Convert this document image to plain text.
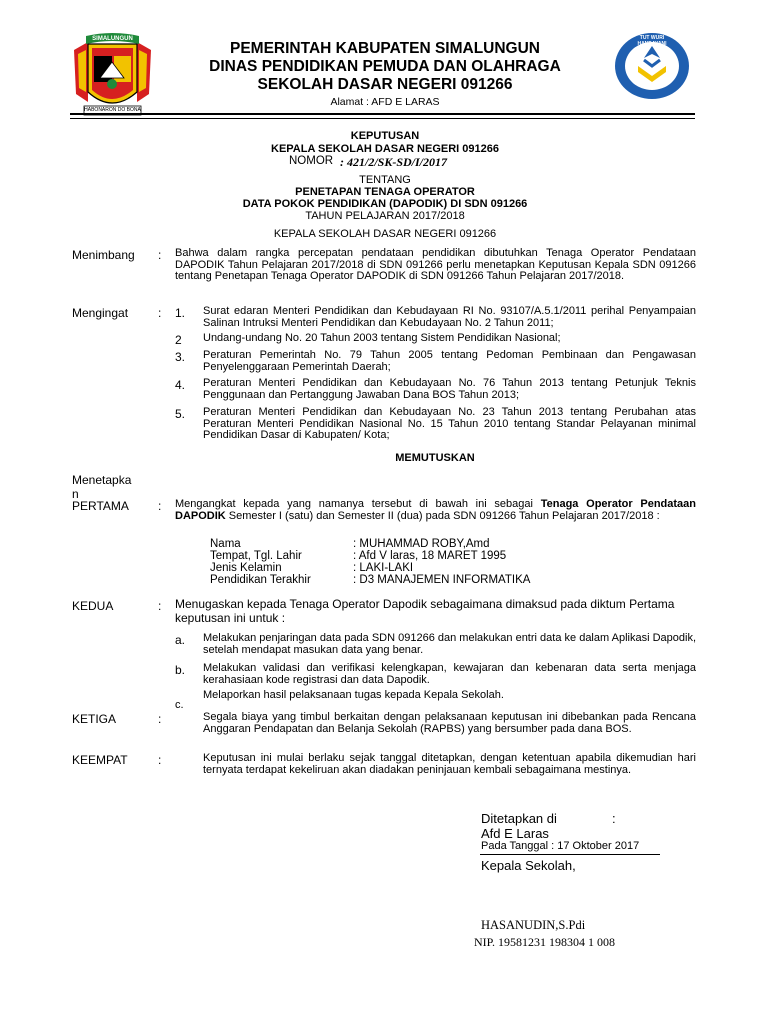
SIMALUNGUN
HABONARON DO BONA
TUT WURI HANDAYANI
PEMERINTAH KABUPATEN SIMALUNGUN
DINAS PENDIDIKAN PEMUDA DAN OLAHRAGA
SEKOLAH DASAR NEGERI 091266
Alamat : AFD E LARAS
KEPUTUSAN
KEPALA SEKOLAH DASAR NEGERI 091266
NOMOR : 421/2/SK-SD/I/2017
TENTANG
PENETAPAN TENAGA OPERATOR
DATA POKOK PENDIDIKAN (DAPODIK) DI SDN 091266
TAHUN PELAJARAN 2017/2018
KEPALA SEKOLAH DASAR NEGERI 091266
Menimbang : Bahwa dalam rangka percepatan pendataan pendidikan dibutuhkan Tenaga Operator Pendataan DAPODIK Tahun Pelajaran 2017/2018 di SDN 091266 perlu menetapkan Keputusan Kepala SDN 091266 tentang Penetapan Tenaga Operator DAPODIK di SDN 091266 Tahun Pelajaran 2017/2018.
Mengingat : 1. Surat edaran Menteri Pendidikan dan Kebudayaan RI No. 93107/A.5.1/2011 perihal Penyampaian Salinan Intruksi Menteri Pendidikan dan Kebudayaan No. 2 Tahun 2011;
2 Undang-undang No. 20 Tahun 2003 tentang Sistem Pendidikan Nasional;
3. Peraturan Pemerintah No. 79 Tahun 2005 tentang Pedoman Pembinaan dan Pengawasan Penyelenggaraan Pemerintah Daerah;
4. Peraturan Menteri Pendidikan dan Kebudayaan No. 76 Tahun 2013 tentang Petunjuk Teknis Penggunaan dan Pertanggung Jawaban Dana BOS Tahun 2013;
5. Peraturan Menteri Pendidikan dan Kebudayaan No. 23 Tahun 2013 tentang Perubahan atas Peraturan Menteri Pendidikan Nasional No. 15 Tahun 2010 tentang Standar Pelayanan minimal Pendidikan Dasar di Kabupaten/ Kota;
MEMUTUSKAN
Menetapka
n
PERTAMA : Mengangkat kepada yang namanya tersebut di bawah ini sebagai Tenaga Operator Pendataan DAPODIK Semester I (satu) dan Semester II (dua) pada SDN 091266 Tahun Pelajaran 2017/2018 :
Nama	: MUHAMMAD ROBY,Amd
Tempat, Tgl. Lahir	: Afd V laras, 18 MARET 1995
Jenis Kelamin	: LAKI-LAKI
Pendidikan Terakhir	: D3 MANAJEMEN INFORMATIKA
KEDUA	: Menugaskan kepada Tenaga Operator Dapodik sebagaimana dimaksud pada diktum Pertama keputusan ini untuk :
a. Melakukan penjaringan data pada SDN 091266 dan melakukan entri data ke dalam Aplikasi Dapodik, setelah mendapat masukan data yang benar.
b. Melakukan validasi dan verifikasi kelengkapan, kewajaran dan kebenaran data serta menjaga kerahasiaan kode registrasi dan data Dapodik.
c.
Melaporkan hasil pelaksanaan tugas kepada Kepala Sekolah.
KETIGA	:	Segala biaya yang timbul berkaitan dengan pelaksanaan keputusan ini dibebankan pada Rencana Anggaran Pendapatan dan Belanja Sekolah (RAPBS) yang bersumber pada dana BOS.
KEEMPAT	:	Keputusan ini mulai berlaku sejak tanggal ditetapkan, dengan ketentuan apabila dikemudian hari ternyata terdapat kekeliruan akan diadakan peninjauan kembali sebagaimana mestinya.
Ditetapkan di	:
Afd E Laras
Pada Tanggal : 17 Oktober 2017
Kepala Sekolah,
HASANUDIN,S.Pdi
NIP. 19581231 198304 1 008
